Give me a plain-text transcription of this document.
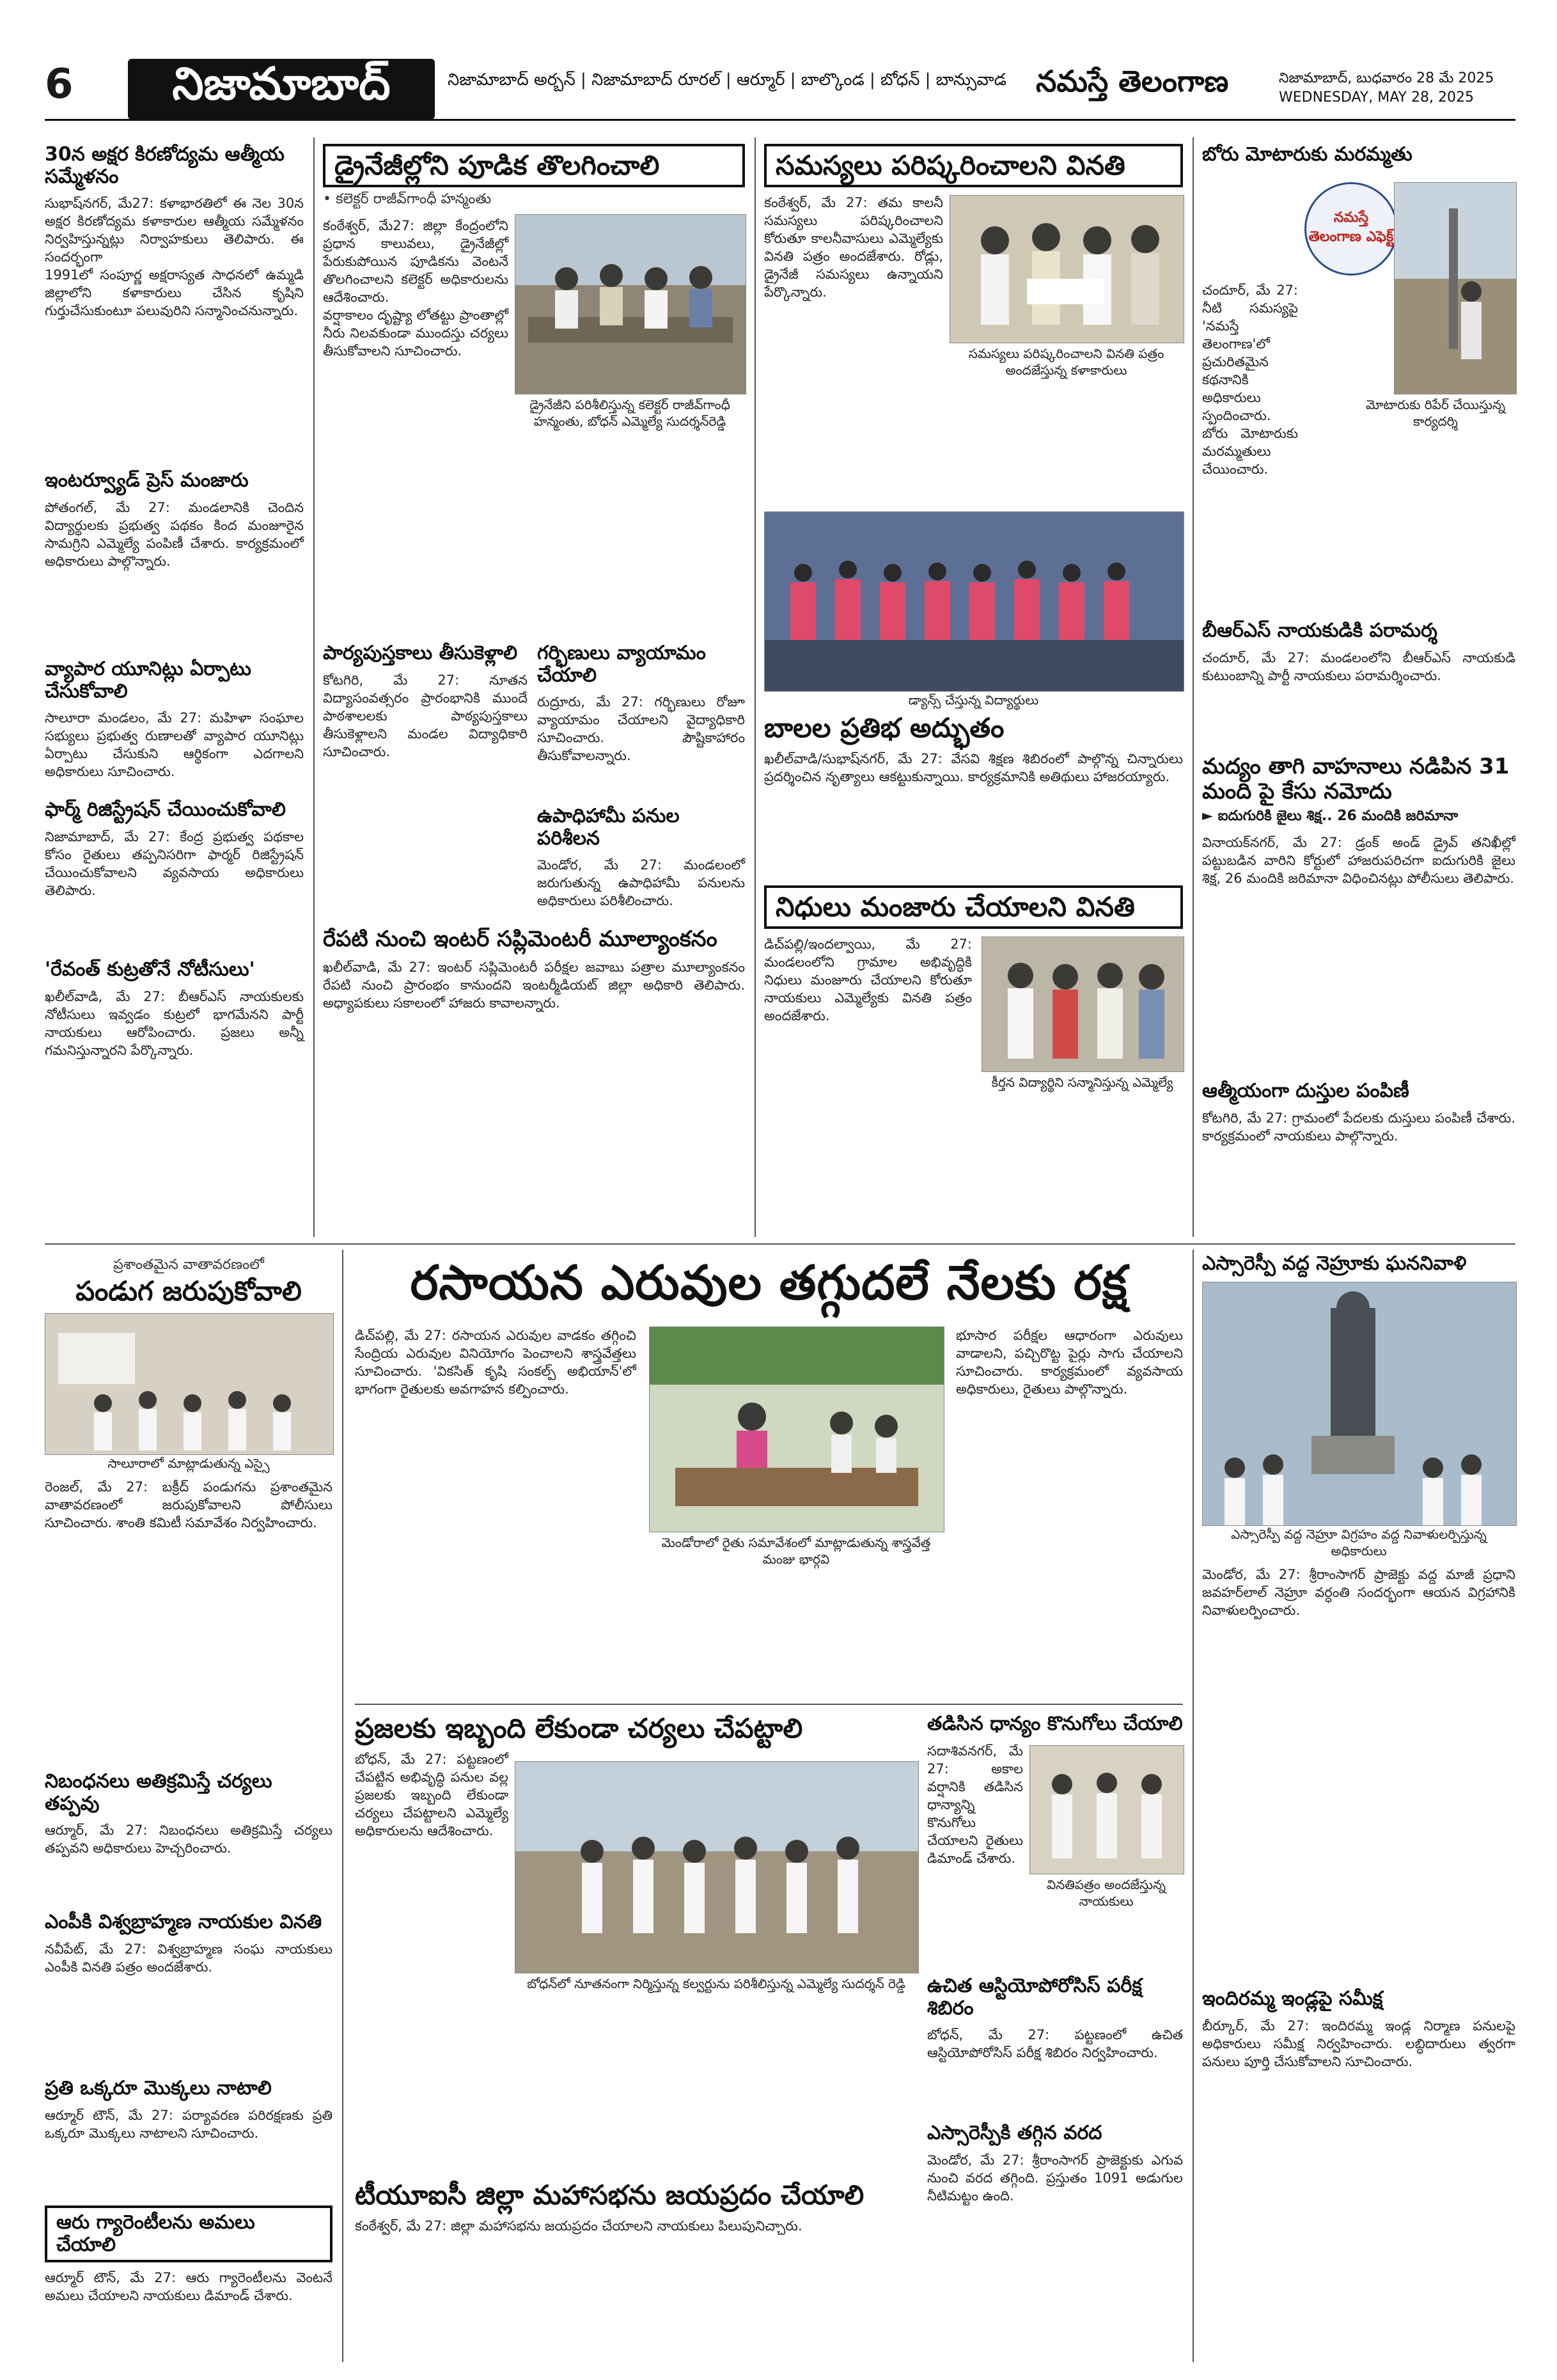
6	నిజామాబాద్	నిజామాబాద్ అర్బన్ | నిజామాబాద్ రూరల్ | ఆర్మూర్ | బాల్కొండ | బోధన్ | బాన్సువాడ	నమస్తే తెలంగాణ	నిజామాబాద్, బుధవారం 28 మే 2025
WEDNESDAY, MAY 28, 2025
30న అక్షర కిరణోద్యమ ఆత్మీయ సమ్మేళనం
సుభాష్‌నగర్, మే27: కళాభారతిలో ఈ నెల 30న అక్షర కిరణోద్యమ కళాకారుల ఆత్మీయ సమ్మేళనం నిర్వహిస్తున్నట్లు నిర్వాహకులు తెలిపారు. ఈ సందర్భంగా
1991లో సంపూర్ణ అక్షరాస్యత సాధనలో ఉమ్మడి జిల్లాలోని కళాకారులు చేసిన కృషిని గుర్తుచేసుకుంటూ పలువురిని సన్మానించనున్నారు.
ఇంటర్వ్యూడ్ ప్రెస్ మంజారు
పోతంగల్, మే 27: మండలానికి చెందిన విద్యార్థులకు ప్రభుత్వ పథకం కింద మంజూరైన సామగ్రిని ఎమ్మెల్యే పంపిణీ చేశారు. కార్యక్రమంలో అధికారులు పాల్గొన్నారు.
వ్యాపార యూనిట్లు ఏర్పాటు చేసుకోవాలి
సాలూరా మండలం, మే 27: మహిళా సంఘాల సభ్యులు ప్రభుత్వ రుణాలతో వ్యాపార యూనిట్లు ఏర్పాటు చేసుకుని ఆర్థికంగా ఎదగాలని అధికారులు సూచించారు.
ఫార్మ్ రిజిస్ట్రేషన్ చేయించుకోవాలి
నిజామాబాద్, మే 27: కేంద్ర ప్రభుత్వ పథకాల కోసం రైతులు తప్పనిసరిగా ఫార్మర్ రిజిస్ట్రేషన్ చేయించుకోవాలని వ్యవసాయ అధికారులు తెలిపారు.
'రేవంత్ కుట్రతోనే నోటీసులు'
ఖలీల్‌వాడి, మే 27: బీఆర్‌ఎస్ నాయకులకు నోటీసులు ఇవ్వడం కుట్రలో భాగమేనని పార్టీ నాయకులు ఆరోపించారు. ప్రజలు అన్నీ గమనిస్తున్నారని పేర్కొన్నారు.
డ్రైనేజీల్లోని పూడిక తొలగించాలి
• కలెక్టర్ రాజీవ్‌గాంధీ హన్మంతు
డ్రైనేజీని పరిశీలిస్తున్న కలెక్టర్ రాజీవ్‌గాంధీ హన్మంతు, బోధన్ ఎమ్మెల్యే సుదర్శన్‌రెడ్డి
కంఠేశ్వర్, మే27: జిల్లా కేంద్రంలోని ప్రధాన కాలువలు, డ్రైనేజీల్లో పేరుకుపోయిన పూడికను వెంటనే తొలగించాలని కలెక్టర్ అధికారులను ఆదేశించారు.
వర్షాకాలం దృష్ట్యా లోతట్టు ప్రాంతాల్లో నీరు నిలవకుండా ముందస్తు చర్యలు తీసుకోవాలని సూచించారు.
పార్యపుస్తకాలు తీసుకెళ్లాలి
కోటగిరి, మే 27: నూతన విద్యాసంవత్సరం ప్రారంభానికి ముందే పాఠశాలలకు పాఠ్యపుస్తకాలు తీసుకెళ్లాలని మండల విద్యాధికారి సూచించారు.
గర్భిణులు వ్యాయామం చేయాలి
రుద్రూరు, మే 27: గర్భిణులు రోజూ వ్యాయామం చేయాలని వైద్యాధికారి సూచించారు. పౌష్టికాహారం తీసుకోవాలన్నారు.
ఉపాధిహామీ పనుల పరిశీలన
మెండోర, మే 27: మండలంలో జరుగుతున్న ఉపాధిహామీ పనులను అధికారులు పరిశీలించారు.
రేపటి నుంచి ఇంటర్ సప్లిమెంటరీ మూల్యాంకనం
ఖలీల్‌వాడి, మే 27: ఇంటర్ సప్లిమెంటరీ పరీక్షల జవాబు పత్రాల మూల్యాంకనం రేపటి నుంచి ప్రారంభం కానుందని ఇంటర్మీడియట్ జిల్లా అధికారి తెలిపారు. అధ్యాపకులు సకాలంలో హాజరు కావాలన్నారు.
సమస్యలు పరిష్కరించాలని వినతి
సమస్యలు పరిష్కరించాలని వినతి పత్రం అందజేస్తున్న కళాకారులు
కంఠేశ్వర్, మే 27: తమ కాలనీ సమస్యలు పరిష్కరించాలని కోరుతూ కాలనీవాసులు ఎమ్మెల్యేకు వినతి పత్రం అందజేశారు. రోడ్లు, డ్రైనేజీ సమస్యలు ఉన్నాయని పేర్కొన్నారు.
డ్యాన్స్ చేస్తున్న విద్యార్థులు
బాలల ప్రతిభ అద్భుతం
ఖలీల్‌వాడి/సుభాష్‌నగర్, మే 27: వేసవి శిక్షణ శిబిరంలో పాల్గొన్న చిన్నారులు ప్రదర్శించిన నృత్యాలు ఆకట్టుకున్నాయి. కార్యక్రమానికి అతిథులు హాజరయ్యారు.
నిధులు మంజారు చేయాలని వినతి
కీర్తన విద్యార్థిని సన్మానిస్తున్న ఎమ్మెల్యే
డిచ్‌పల్లి/ఇందల్వాయి, మే 27: మండలంలోని గ్రామాల అభివృద్ధికి నిధులు మంజూరు చేయాలని కోరుతూ నాయకులు ఎమ్మెల్యేకు వినతి పత్రం అందజేశారు.
బోరు మోటారుకు మరమ్మతు
నమస్తే తెలంగాణ ఎఫెక్ట్
మోటారుకు రిపేర్ చేయిస్తున్న కార్యదర్శి
చందూర్, మే 27: నీటి సమస్యపై 'నమస్తే తెలంగాణ'లో ప్రచురితమైన కథనానికి అధికారులు స్పందించారు. బోరు మోటారుకు మరమ్మతులు చేయించారు.
బీఆర్‌ఎస్ నాయకుడికి పరామర్శ
చందూర్, మే 27: మండలంలోని బీఆర్‌ఎస్ నాయకుడి కుటుంబాన్ని పార్టీ నాయకులు పరామర్శించారు.
మద్యం తాగి వాహనాలు నడిపిన 31 మంది పై కేసు నమోదు
► ఐదుగురికి జైలు శిక్ష.. 26 మందికి జరిమానా
వినాయక్‌నగర్, మే 27: డ్రంక్ అండ్ డ్రైవ్ తనిఖీల్లో పట్టుబడిన వారిని కోర్టులో హాజరుపరిచగా ఐదుగురికి జైలు శిక్ష, 26 మందికి జరిమానా విధించినట్లు పోలీసులు తెలిపారు.
ఆత్మీయంగా దుస్తుల పంపిణీ
కోటగిరి, మే 27: గ్రామంలో పేదలకు దుస్తులు పంపిణీ చేశారు. కార్యక్రమంలో నాయకులు పాల్గొన్నారు.
ప్రశాంతమైన వాతావరణంలో
పండుగ జరుపుకోవాలి
సాలూరాలో మాట్లాడుతున్న ఎస్సై
రెంజల్, మే 27: బక్రీద్ పండుగను ప్రశాంతమైన వాతావరణంలో జరుపుకోవాలని పోలీసులు సూచించారు. శాంతి కమిటీ సమావేశం నిర్వహించారు.
నిబంధనలు అతిక్రమిస్తే చర్యలు తప్పవు
ఆర్మూర్, మే 27: నిబంధనలు అతిక్రమిస్తే చర్యలు తప్పవని అధికారులు హెచ్చరించారు.
ఎంపీకి విశ్వబ్రాహ్మణ నాయకుల వినతి
నవీపేట్, మే 27: విశ్వబ్రాహ్మణ సంఘ నాయకులు ఎంపీకి వినతి పత్రం అందజేశారు.
ప్రతి ఒక్కరూ మొక్కలు నాటాలి
ఆర్మూర్ టౌన్, మే 27: పర్యావరణ పరిరక్షణకు ప్రతి ఒక్కరూ మొక్కలు నాటాలని సూచించారు.
ఆరు గ్యారెంటీలను అమలు చేయాలి
ఆర్మూర్ టౌన్, మే 27: ఆరు గ్యారెంటీలను వెంటనే అమలు చేయాలని నాయకులు డిమాండ్ చేశారు.
రసాయన ఎరువుల తగ్గుదలే నేలకు రక్ష
మెండోరాలో రైతు సమావేశంలో మాట్లాడుతున్న శాస్త్రవేత్త మంజు భార్గవి
డిచ్‌పల్లి, మే 27: రసాయన ఎరువుల వాడకం తగ్గించి సేంద్రియ ఎరువుల వినియోగం పెంచాలని శాస్త్రవేత్తలు సూచించారు. 'వికసిత్ కృషి సంకల్ప్ అభియాన్'లో భాగంగా రైతులకు అవగాహన కల్పించారు.
భూసార పరీక్షల ఆధారంగా ఎరువులు వాడాలని, పచ్చిరొట్ట పైర్లు సాగు చేయాలని సూచించారు. కార్యక్రమంలో వ్యవసాయ అధికారులు, రైతులు పాల్గొన్నారు.
ప్రజలకు ఇబ్బంది లేకుండా చర్యలు చేపట్టాలి
బోధన్‌లో నూతనంగా నిర్మిస్తున్న కల్వర్టును పరిశీలిస్తున్న ఎమ్మెల్యే సుదర్శన్ రెడ్డి
బోధన్, మే 27: పట్టణంలో చేపట్టిన అభివృద్ధి పనుల వల్ల ప్రజలకు ఇబ్బంది లేకుండా చర్యలు చేపట్టాలని ఎమ్మెల్యే అధికారులను ఆదేశించారు.
తడిసిన ధాన్యం కొనుగోలు చేయాలి
వినతిపత్రం అందజేస్తున్న నాయకులు
సదాశివనగర్, మే 27: అకాల వర్షానికి తడిసిన ధాన్యాన్ని కొనుగోలు చేయాలని రైతులు డిమాండ్ చేశారు.
ఉచిత ఆస్టియోపోరోసిస్ పరీక్ష శిబిరం
బోధన్, మే 27: పట్టణంలో ఉచిత ఆస్టియోపోరోసిస్ పరీక్ష శిబిరం నిర్వహించారు.
ఎస్సారెస్పీకి తగ్గిన వరద
మెండోర, మే 27: శ్రీరాంసాగర్ ప్రాజెక్టుకు ఎగువ నుంచి వరద తగ్గింది. ప్రస్తుతం 1091 అడుగుల నీటిమట్టం ఉంది.
టీయూఐసీ జిల్లా మహాసభను జయప్రదం చేయాలి
కంఠేశ్వర్, మే 27: జిల్లా మహాసభను జయప్రదం చేయాలని నాయకులు పిలుపునిచ్చారు.
ఎస్సారెస్పీ వద్ద నెహ్రూకు ఘననివాళి
ఎస్సారెస్పీ వద్ద నెహ్రూ విగ్రహం వద్ద నివాళులర్పిస్తున్న అధికారులు
మెండోర, మే 27: శ్రీరాంసాగర్ ప్రాజెక్టు వద్ద మాజీ ప్రధాని జవహర్‌లాల్ నెహ్రూ వర్ధంతి సందర్భంగా ఆయన విగ్రహానికి నివాళులర్పించారు.
ఇందిరమ్మ ఇండ్లపై సమీక్ష
బీర్కూర్, మే 27: ఇందిరమ్మ ఇండ్ల నిర్మాణ పనులపై అధికారులు సమీక్ష నిర్వహించారు. లబ్ధిదారులు త్వరగా పనులు పూర్తి చేసుకోవాలని సూచించారు.
